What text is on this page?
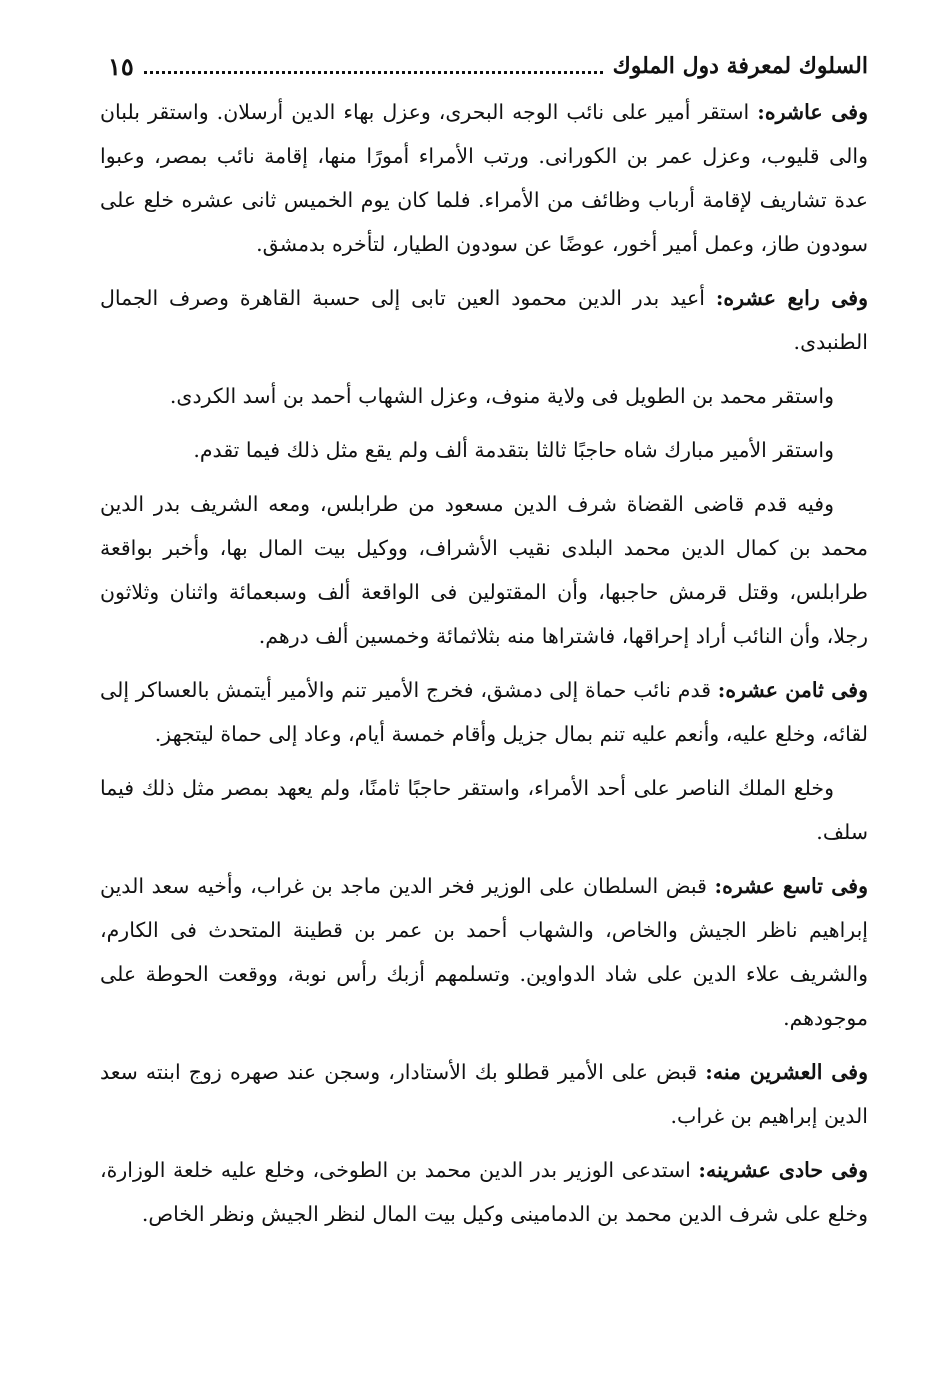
السلوك لمعرفة دول الملوك
١٥

وفى عاشره: استقر أمير على نائب الوجه البحرى، وعزل بهاء الدين أرسلان. واستقر بلبان والى قليوب، وعزل عمر بن الكورانى. ورتب الأمراء أمورًا منها، إقامة نائب بمصر، وعبوا عدة تشاريف لإقامة أرباب وظائف من الأمراء. فلما كان يوم الخميس ثانى عشره خلع على سودون طاز، وعمل أمير أخور، عوضًا عن سودون الطيار، لتأخره بدمشق.

وفى رابع عشره: أعيد بدر الدين محمود العين تابى إلى حسبة القاهرة وصرف الجمال الطنبدى.

واستقر محمد بن الطويل فى ولاية منوف، وعزل الشهاب أحمد بن أسد الكردى.

واستقر الأمير مبارك شاه حاجبًا ثالثا بتقدمة ألف ولم يقع مثل ذلك فيما تقدم.

وفيه قدم قاضى القضاة شرف الدين مسعود من طرابلس، ومعه الشريف بدر الدين محمد بن كمال الدين محمد البلدى نقيب الأشراف، ووكيل بيت المال بها، وأخبر بواقعة طرابلس، وقتل قرمش حاجبها، وأن المقتولين فى الواقعة ألف وسبعمائة واثنان وثلاثون رجلا، وأن النائب أراد إحراقها، فاشتراها منه بثلاثمائة وخمسين ألف درهم.

وفى ثامن عشره: قدم نائب حماة إلى دمشق، فخرج الأمير تنم والأمير أيتمش بالعساكر إلى لقائه، وخلع عليه، وأنعم عليه تنم بمال جزيل وأقام خمسة أيام، وعاد إلى حماة ليتجهز.

وخلع الملك الناصر على أحد الأمراء، واستقر حاجبًا ثامنًا، ولم يعهد بمصر مثل ذلك فيما سلف.

وفى تاسع عشره: قبض السلطان على الوزير فخر الدين ماجد بن غراب، وأخيه سعد الدين إبراهيم ناظر الجيش والخاص، والشهاب أحمد بن عمر بن قطينة المتحدث فى الكارم، والشريف علاء الدين على شاد الدواوين. وتسلمهم أزبك رأس نوبة، ووقعت الحوطة على موجودهم.

وفى العشرين منه: قبض على الأمير قطلو بك الأستادار، وسجن عند صهره زوج ابنته سعد الدين إبراهيم بن غراب.

وفى حادى عشرينه: استدعى الوزير بدر الدين محمد بن الطوخى، وخلع عليه خلعة الوزارة، وخلع على شرف الدين محمد بن الدمامينى وكيل بيت المال لنظر الجيش ونظر الخاص.
